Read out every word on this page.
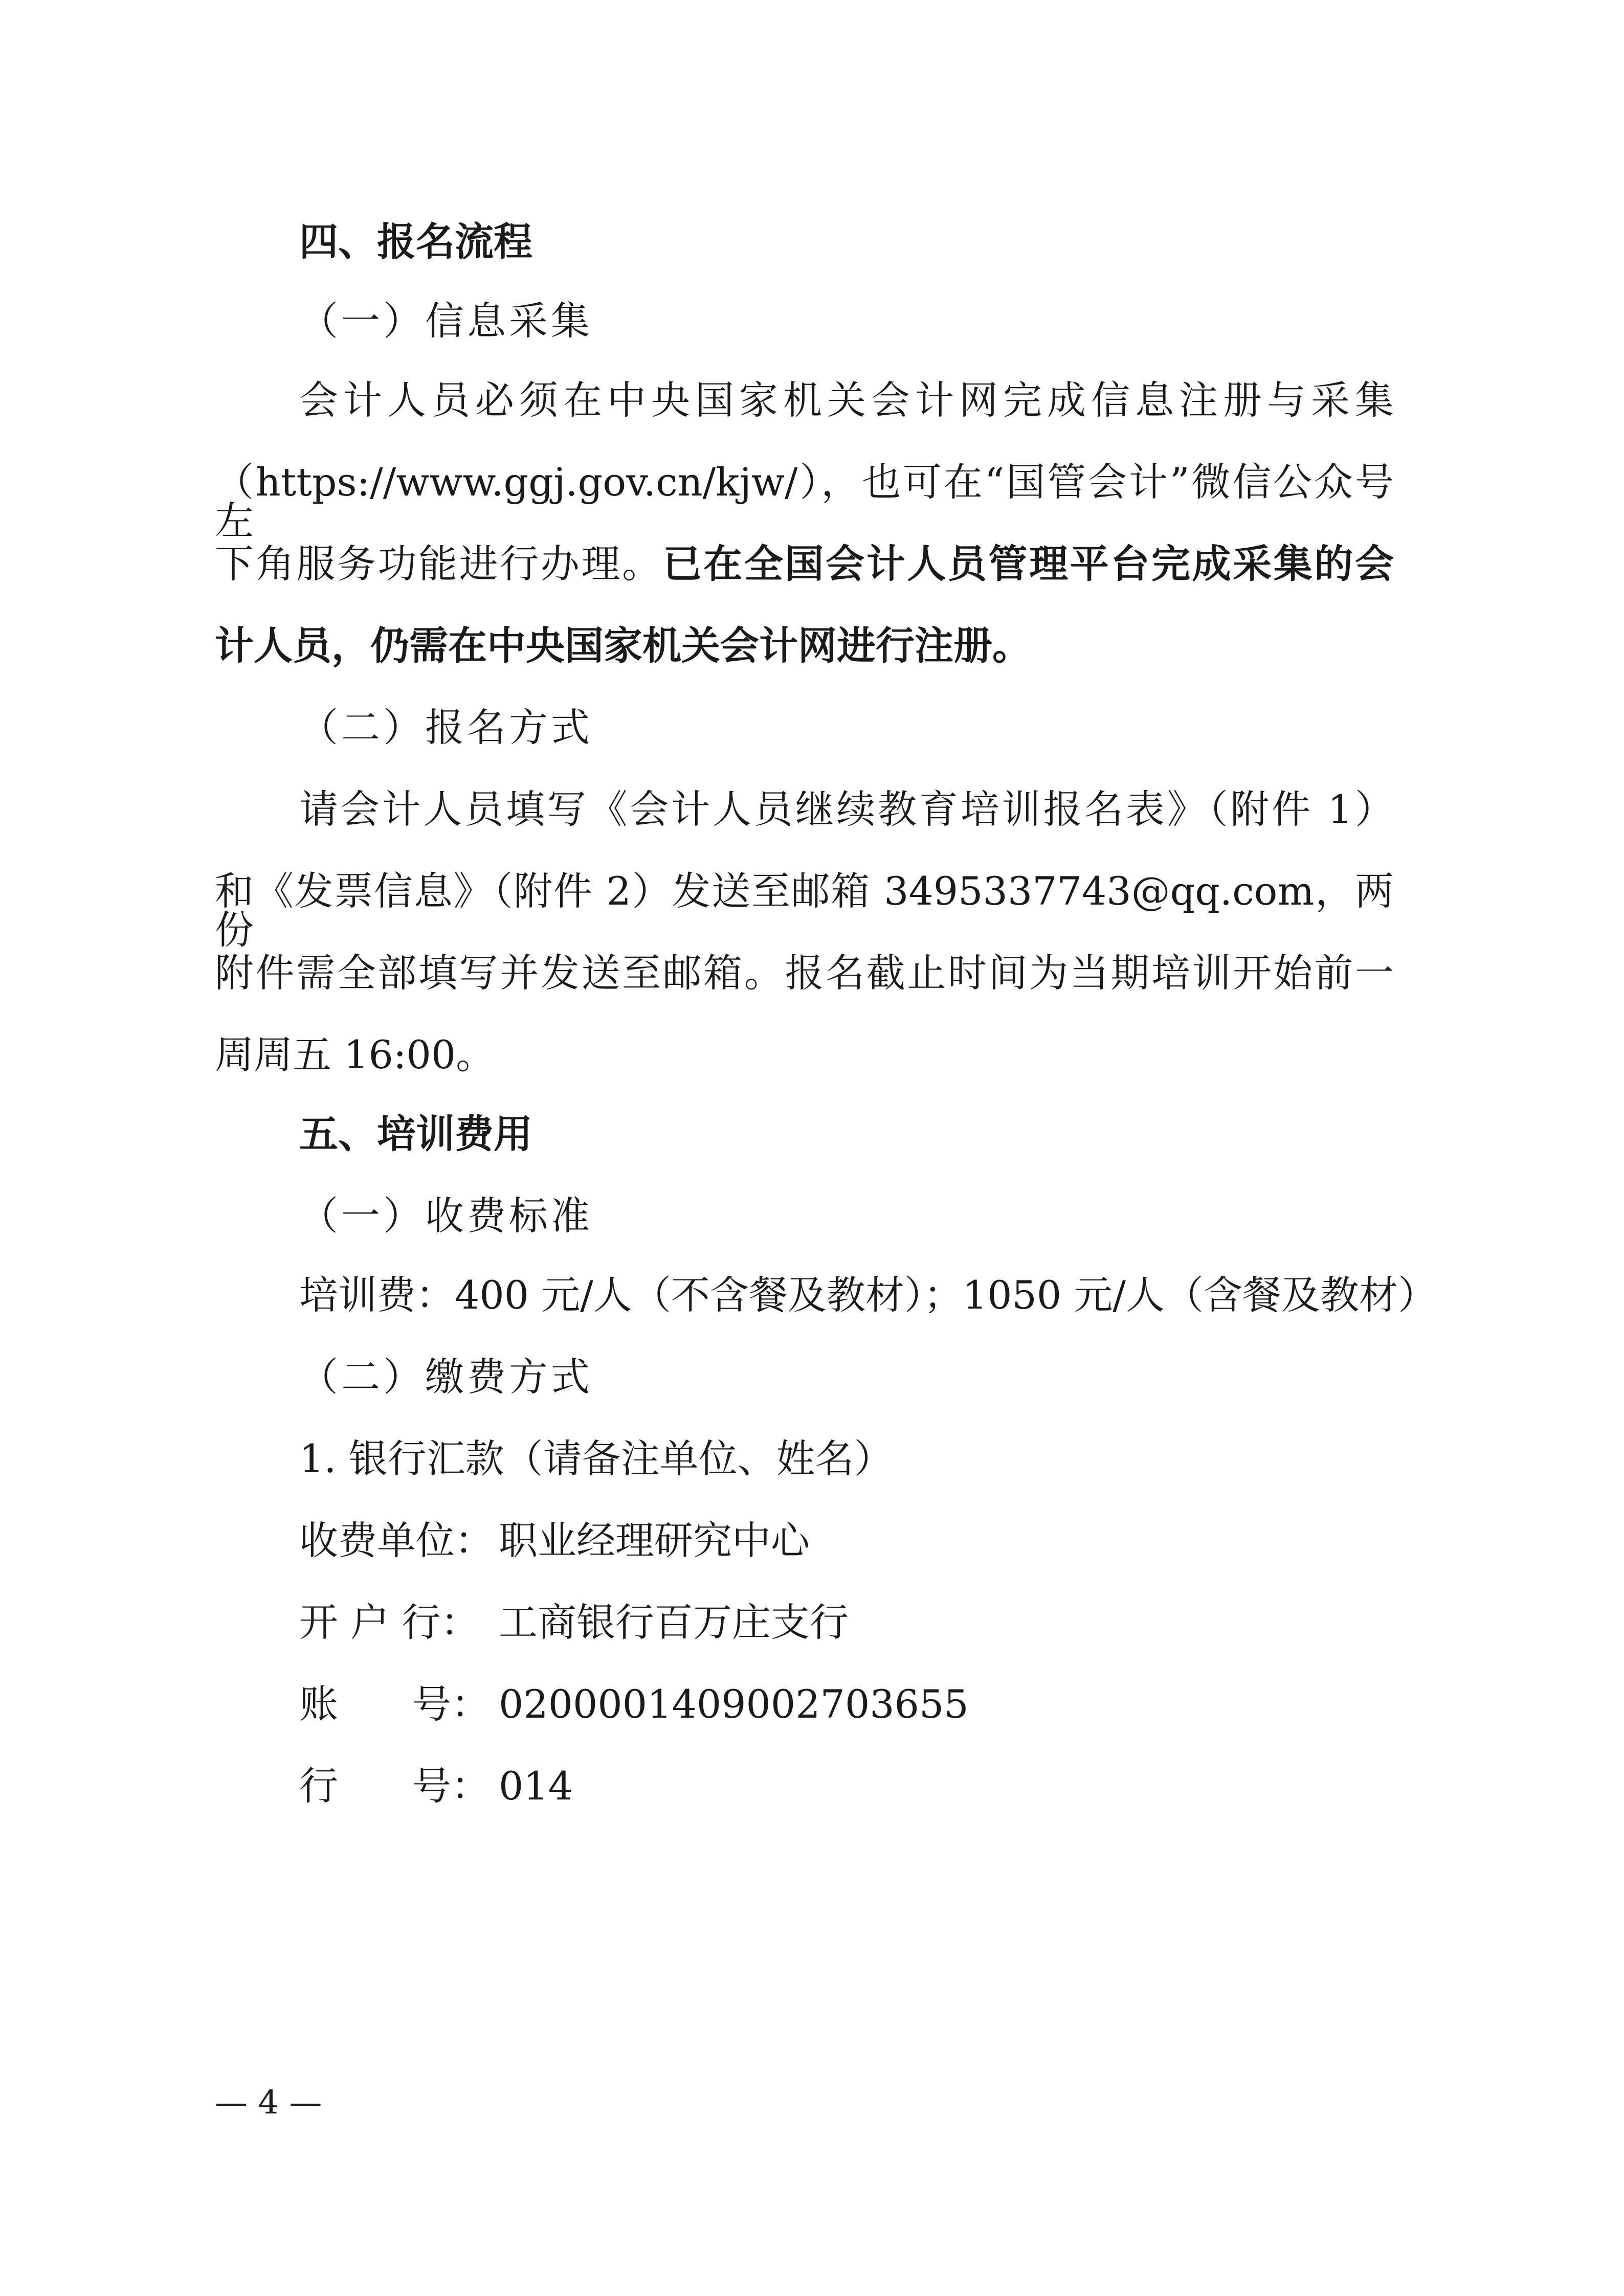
四、报名流程
（一）信息采集
会计人员必须在中央国家机关会计网完成信息注册与采集
（https://www.ggj.gov.cn/kjw/），也可在“国管会计”微信公众号左
下角服务功能进行办理。已在全国会计人员管理平台完成采集的会
计人员，仍需在中央国家机关会计网进行注册。
（二）报名方式
请会计人员填写《会计人员继续教育培训报名表》（附件 1）
和《发票信息》（附件 2）发送至邮箱 3495337743@qq.com，两份
附件需全部填写并发送至邮箱。报名截止时间为当期培训开始前一
周周五 16:00。
五、培训费用
（一）收费标准
培训费：400 元/人（不含餐及教材）；1050 元/人（含餐及教材）
（二）缴费方式
1. 银行汇款（请备注单位、姓名）
收费单位： 职业经理研究中心
开 户 行： 工商银行百万庄支行
账      号： 0200001409002703655
行      号： 014
— 4 —
